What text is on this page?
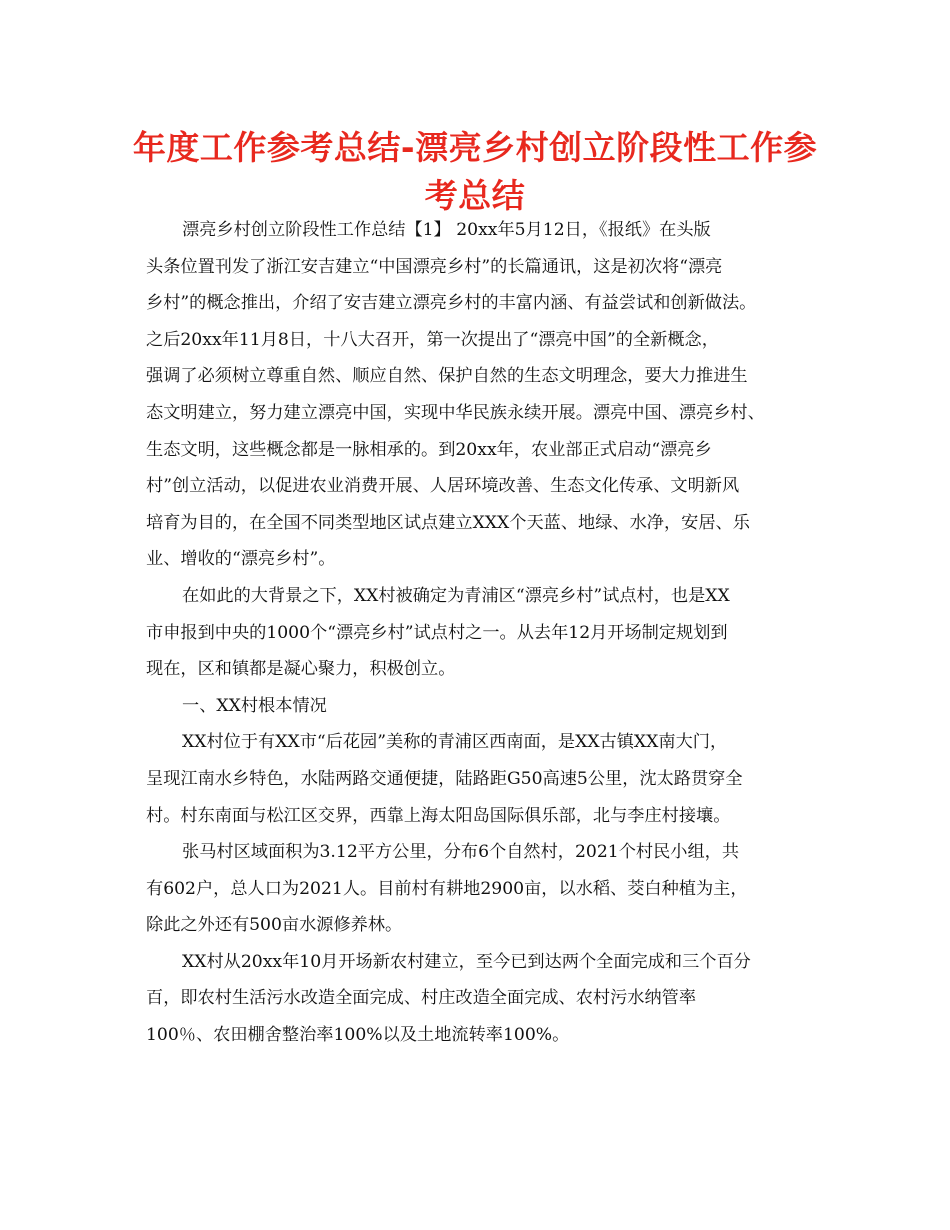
年度工作参考总结-漂亮乡村创立阶段性工作参考总结
漂亮乡村创立阶段性工作总结【1】 20xx年5月12日，《报纸》在头版
头条位置刊发了浙江安吉建立“中国漂亮乡村”的长篇通讯，这是初次将“漂亮
乡村”的概念推出，介绍了安吉建立漂亮乡村的丰富内涵、有益尝试和创新做法。
之后20xx年11月8日，十八大召开，第一次提出了“漂亮中国”的全新概念，
强调了必须树立尊重自然、顺应自然、保护自然的生态文明理念，要大力推进生
态文明建立，努力建立漂亮中国，实现中华民族永续开展。漂亮中国、漂亮乡村、
生态文明，这些概念都是一脉相承的。到20xx年，农业部正式启动“漂亮乡
村”创立活动，以促进农业消费开展、人居环境改善、生态文化传承、文明新风
培育为目的，在全国不同类型地区试点建立XXX个天蓝、地绿、水净，安居、乐
业、增收的“漂亮乡村”。
在如此的大背景之下，XX村被确定为青浦区“漂亮乡村”试点村，也是XX
市申报到中央的1000个“漂亮乡村”试点村之一。从去年12月开场制定规划到
现在，区和镇都是凝心聚力，积极创立。
一、XX村根本情况
XX村位于有XX市“后花园”美称的青浦区西南面，是XX古镇XX南大门，
呈现江南水乡特色，水陆两路交通便捷，陆路距G50高速5公里，沈太路贯穿全
村。村东南面与松江区交界，西靠上海太阳岛国际俱乐部，北与李庄村接壤。
张马村区域面积为3.12平方公里，分布6个自然村，2021个村民小组，共
有602户，总人口为2021人。目前村有耕地2900亩，以水稻、茭白种植为主，
除此之外还有500亩水源修养林。
XX村从20xx年10月开场新农村建立，至今已到达两个全面完成和三个百分
百，即农村生活污水改造全面完成、村庄改造全面完成、农村污水纳管率
100％、农田棚舍整治率100%以及土地流转率100%。
